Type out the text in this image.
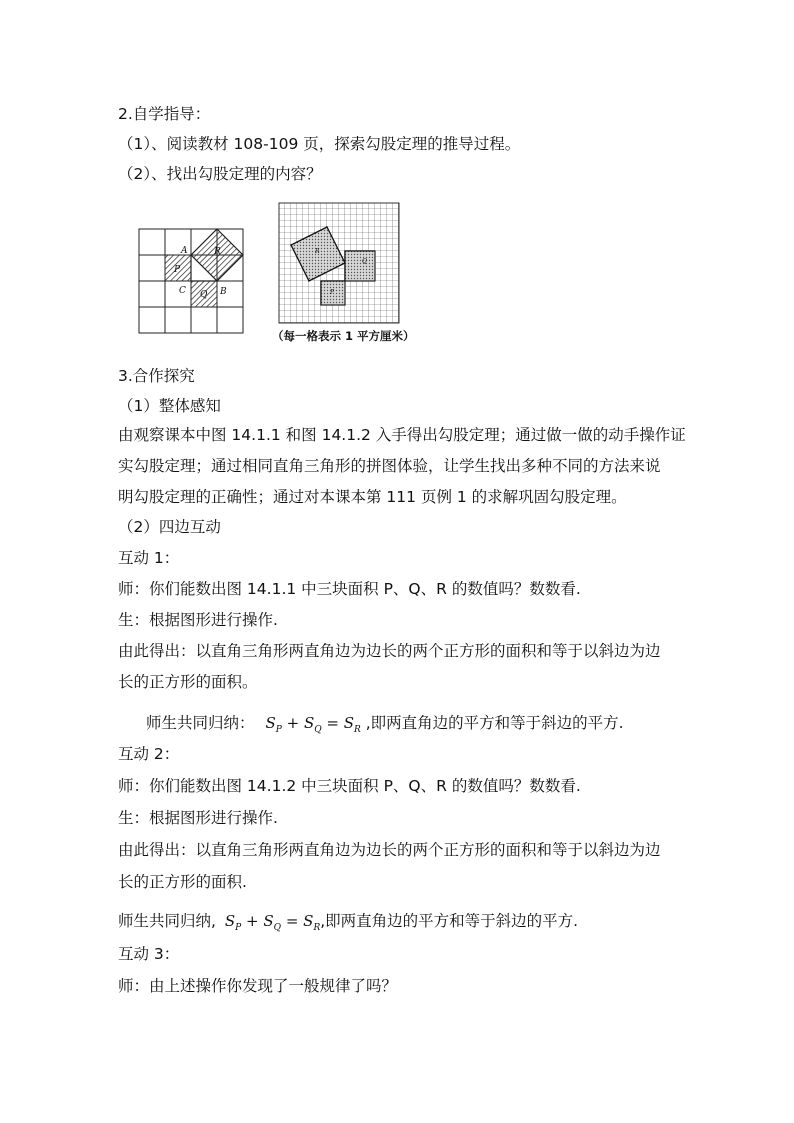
2.自学指导：
（1）、阅读教材 108-109 页，探索勾股定理的推导过程。
（2）、找出勾股定理的内容？
A
B
C
P
Q
R	R
Q
P
（每一格表示 1 平方厘米）
3.合作探究
（1）整体感知
由观察课本中图 14.1.1 和图 14.1.2 入手得出勾股定理；通过做一做的动手操作证
实勾股定理；通过相同直角三角形的拼图体验，让学生找出多种不同的方法来说
明勾股定理的正确性；通过对本课本第 111 页例 1 的求解巩固勾股定理。
（2）四边互动
互动 1：
师：你们能数出图 14.1.1 中三块面积 P、Q、R 的数值吗？数数看.
生：根据图形进行操作.
由此得出：以直角三角形两直角边为边长的两个正方形的面积和等于以斜边为边
长的正方形的面积。
师生共同归纳： $S_P + S_Q = S_R$ ,即两直角边的平方和等于斜边的平方.
互动 2：
师：你们能数出图 14.1.2 中三块面积 P、Q、R 的数值吗？数数看.
生：根据图形进行操作.
由此得出：以直角三角形两直角边为边长的两个正方形的面积和等于以斜边为边
长的正方形的面积.
师生共同归纳, $S_P + S_Q = S_R$,即两直角边的平方和等于斜边的平方.
互动 3：
师：由上述操作你发现了一般规律了吗？
